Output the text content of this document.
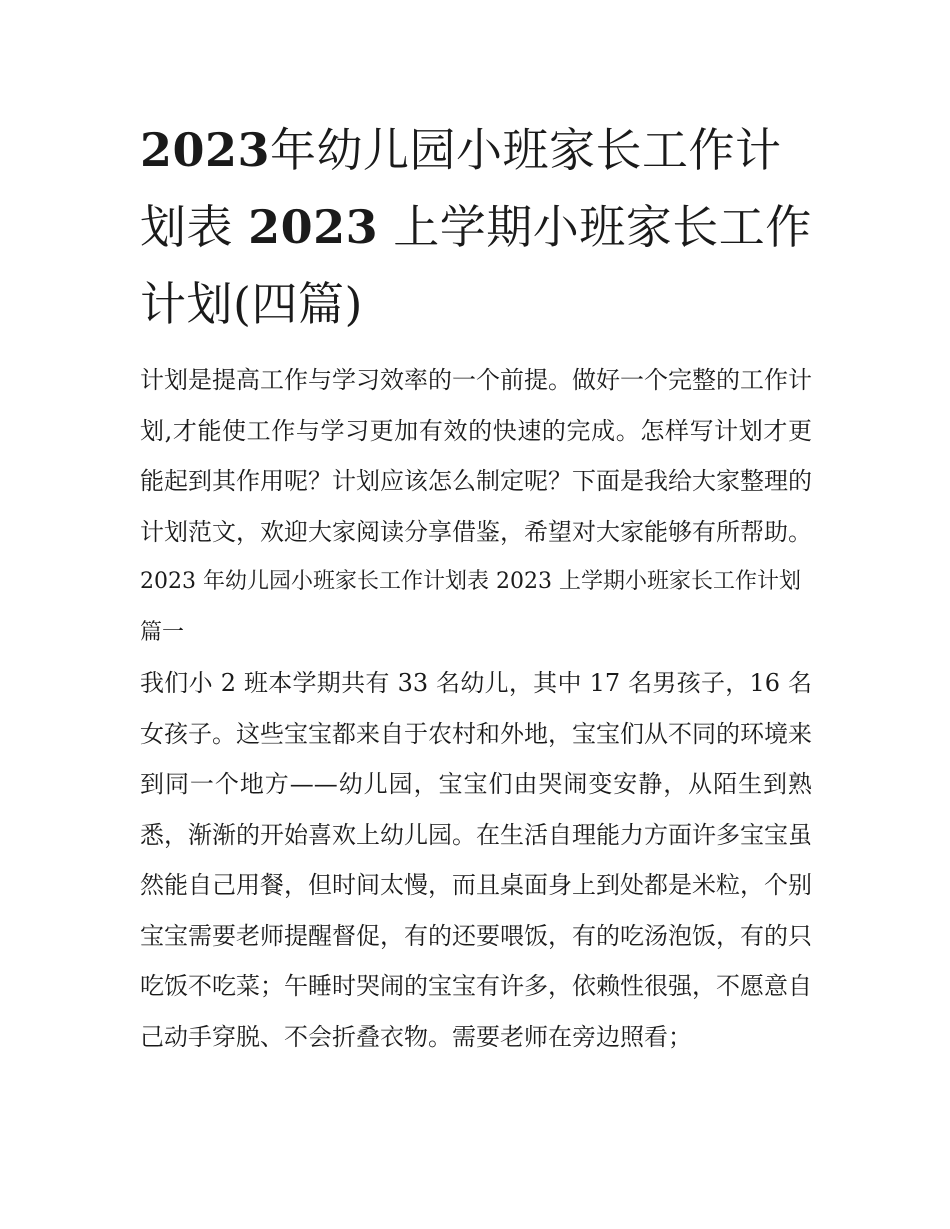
2023年幼儿园小班家长工作计划表 2023 上学期小班家长工作计划(四篇)

计划是提高工作与学习效率的一个前提。做好一个完整的工作计划,才能使工作与学习更加有效的快速的完成。怎样写计划才更能起到其作用呢？计划应该怎么制定呢？下面是我给大家整理的计划范文，欢迎大家阅读分享借鉴，希望对大家能够有所帮助。

2023 年幼儿园小班家长工作计划表 2023 上学期小班家长工作计划篇一

我们小 2 班本学期共有 33 名幼儿，其中 17 名男孩子，16 名女孩子。这些宝宝都来自于农村和外地，宝宝们从不同的环境来到同一个地方——幼儿园，宝宝们由哭闹变安静，从陌生到熟悉，渐渐的开始喜欢上幼儿园。在生活自理能力方面许多宝宝虽然能自己用餐，但时间太慢，而且桌面身上到处都是米粒，个别宝宝需要老师提醒督促，有的还要喂饭，有的吃汤泡饭，有的只吃饭不吃菜；午睡时哭闹的宝宝有许多，依赖性很强，不愿意自己动手穿脱、不会折叠衣物。需要老师在旁边照看；
